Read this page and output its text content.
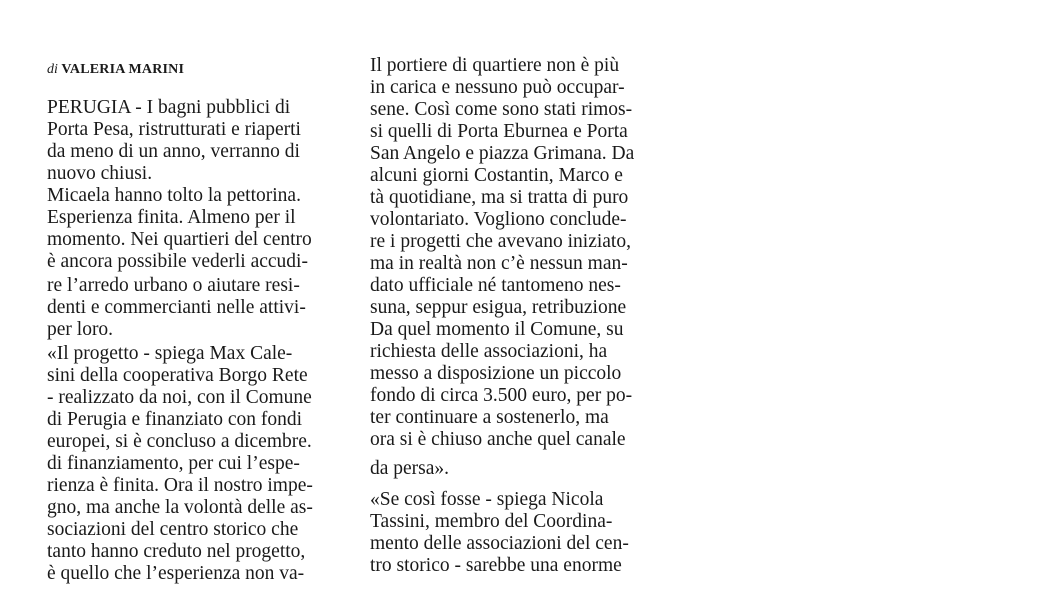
di VALERIA MARINI
PERUGIA - I bagni pubblici di
Porta Pesa, ristrutturati e riaperti
da meno di un anno, verranno di
nuovo chiusi.
Micaela hanno tolto la pettorina.
Esperienza finita. Almeno per il
momento. Nei quartieri del centro
è ancora possibile vederli accudi-
re l’arredo urbano o aiutare resi-
denti e commercianti nelle attivi-
per loro.
«Il progetto - spiega Max Cale-
sini della cooperativa Borgo Rete
- realizzato da noi, con il Comune
di Perugia e finanziato con fondi
europei, si è concluso a dicembre.
di finanziamento, per cui l’espe-
rienza è finita. Ora il nostro impe-
gno, ma anche la volontà delle as-
sociazioni del centro storico che
tanto hanno creduto nel progetto,
è quello che l’esperienza non va-
Il portiere di quartiere non è più
in carica e nessuno può occupar-
sene. Così come sono stati rimos-
si quelli di Porta Eburnea e Porta
San Angelo e piazza Grimana. Da
alcuni giorni Costantin, Marco e
tà quotidiane, ma si tratta di puro
volontariato. Vogliono conclude-
re i progetti che avevano iniziato,
ma in realtà non c’è nessun man-
dato ufficiale né tantomeno nes-
suna, seppur esigua, retribuzione
Da quel momento il Comune, su
richiesta delle associazioni, ha
messo a disposizione un piccolo
fondo di circa 3.500 euro, per po-
ter continuare a sostenerlo, ma
ora si è chiuso anche quel canale
da persa».
«Se così fosse - spiega Nicola
Tassini, membro del Coordina-
mento delle associazioni del cen-
tro storico - sarebbe una enorme
